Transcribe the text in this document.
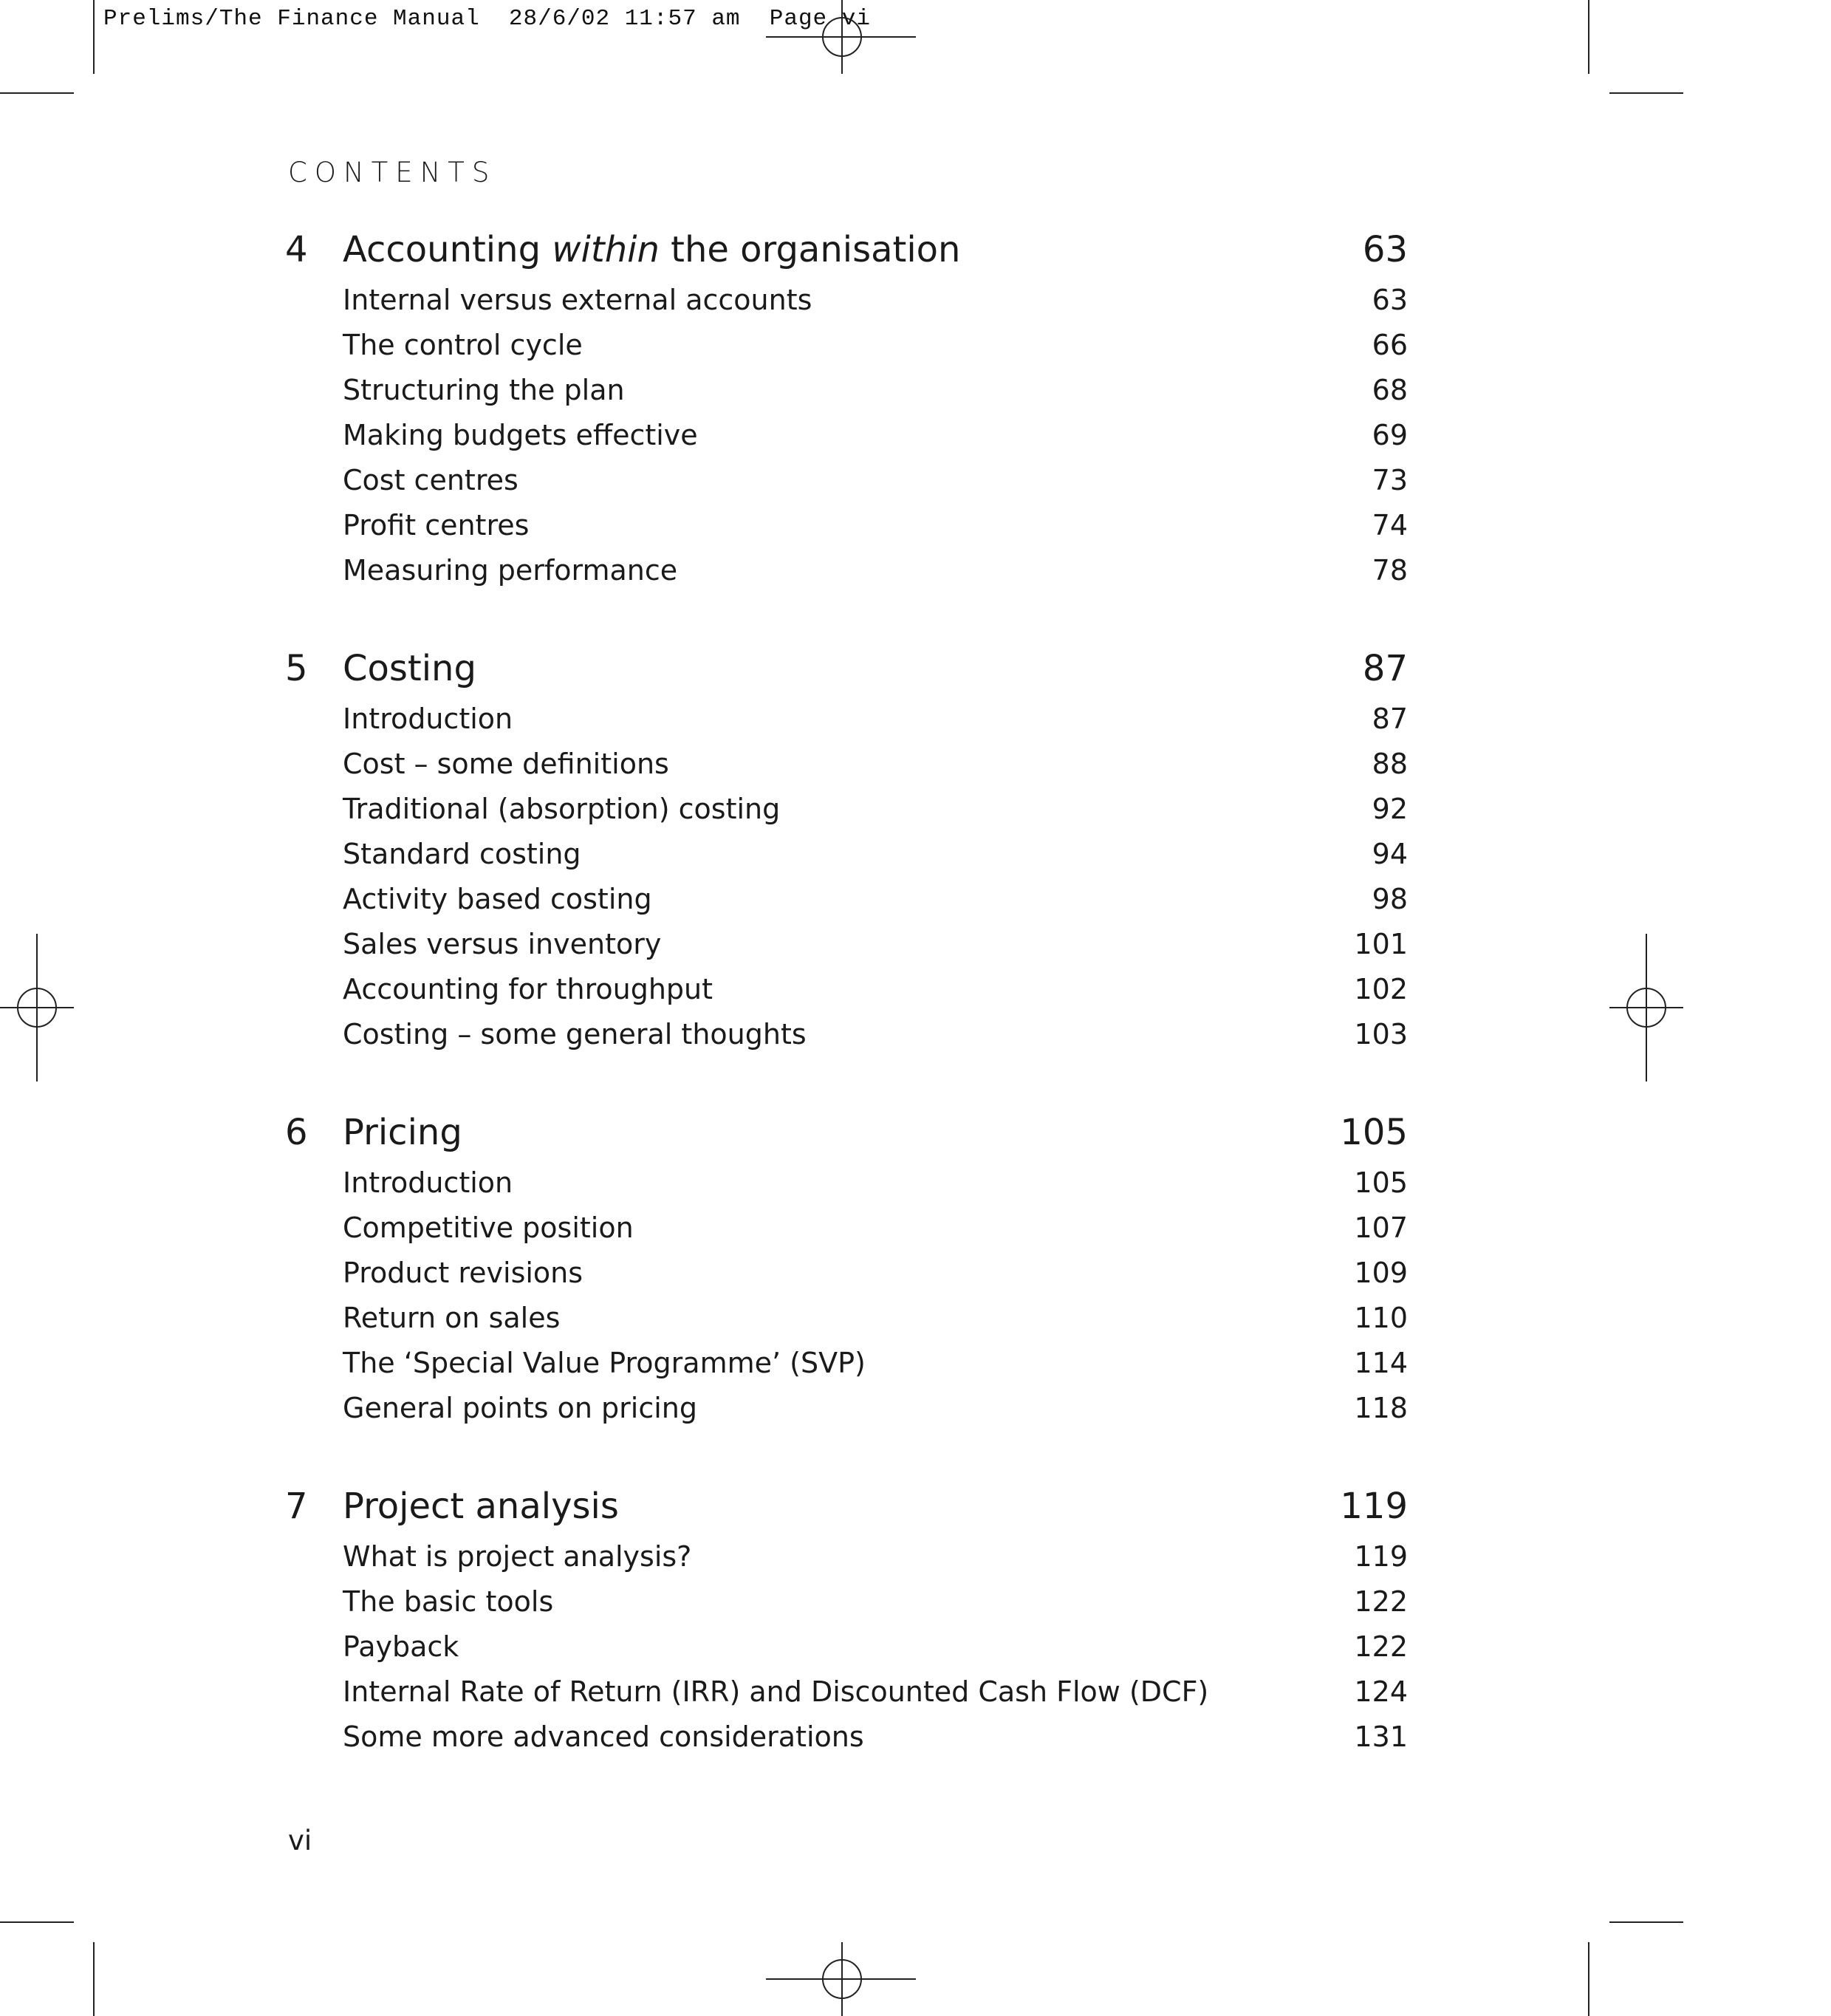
Prelims/The Finance Manual  28/6/02 11:57 am  Page vi
CONTENTS
4 Accounting within the organisation	63
Internal versus external accounts	63
The control cycle	66
Structuring the plan	68
Making budgets effective	69
Cost centres	73
Profit centres	74
Measuring performance	78
5 Costing	87
Introduction	87
Cost – some definitions	88
Traditional (absorption) costing	92
Standard costing	94
Activity based costing	98
Sales versus inventory	101
Accounting for throughput	102
Costing – some general thoughts	103
6 Pricing	105
Introduction	105
Competitive position	107
Product revisions	109
Return on sales	110
The ‘Special Value Programme’ (SVP)	114
General points on pricing	118
7 Project analysis	119
What is project analysis?	119
The basic tools	122
Payback	122
Internal Rate of Return (IRR) and Discounted Cash Flow (DCF)	124
Some more advanced considerations	131
vi
